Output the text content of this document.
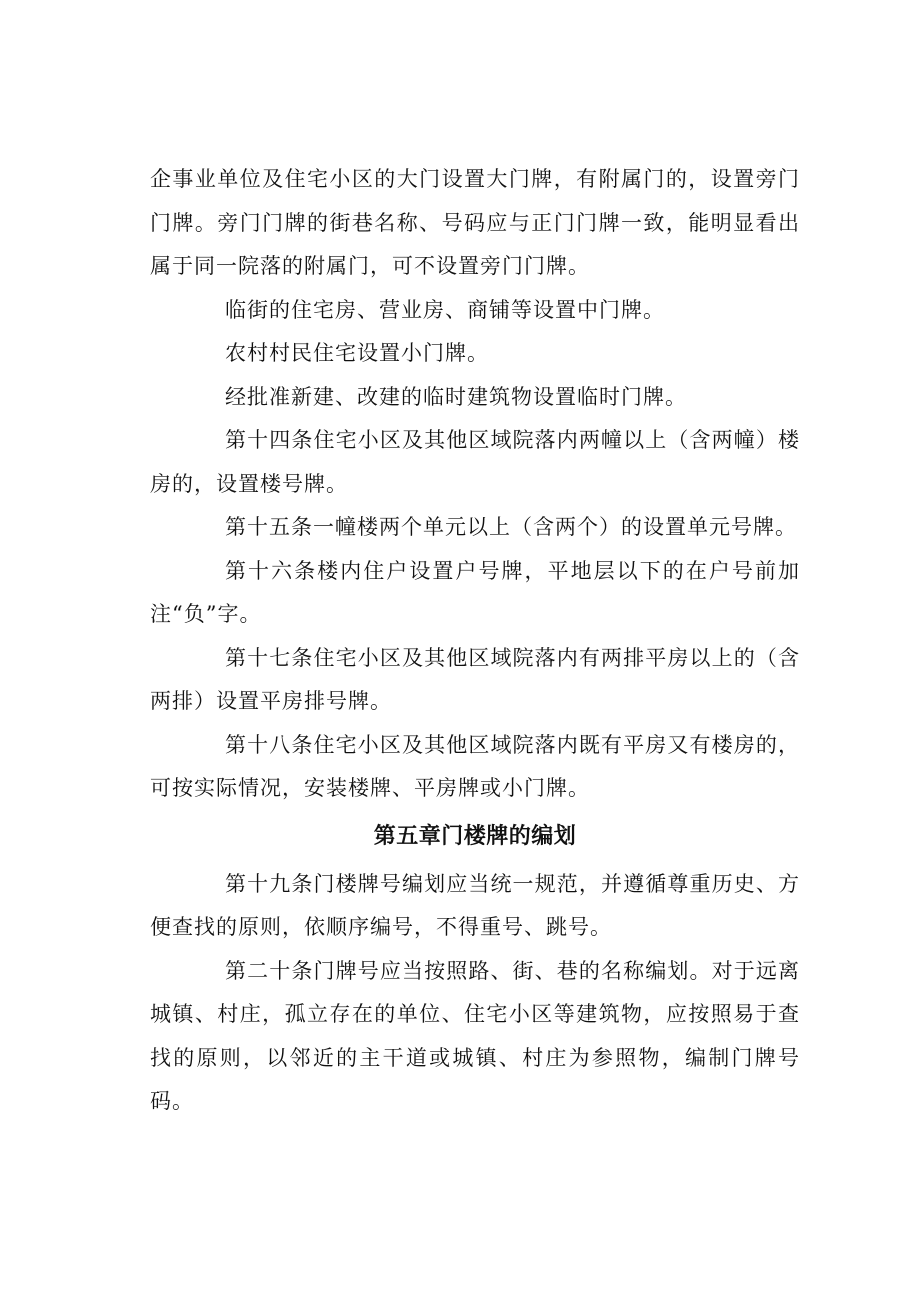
企事业单位及住宅小区的大门设置大门牌，有附属门的，设置旁门门牌。旁门门牌的街巷名称、号码应与正门门牌一致，能明显看出属于同一院落的附属门，可不设置旁门门牌。

临街的住宅房、营业房、商铺等设置中门牌。

农村村民住宅设置小门牌。

经批准新建、改建的临时建筑物设置临时门牌。

第十四条住宅小区及其他区域院落内两幢以上（含两幢）楼房的，设置楼号牌。

第十五条一幢楼两个单元以上（含两个）的设置单元号牌。

第十六条楼内住户设置户号牌，平地层以下的在户号前加注“负”字。

第十七条住宅小区及其他区域院落内有两排平房以上的（含两排）设置平房排号牌。

第十八条住宅小区及其他区域院落内既有平房又有楼房的，可按实际情况，安装楼牌、平房牌或小门牌。

第五章门楼牌的编划

第十九条门楼牌号编划应当统一规范，并遵循尊重历史、方便查找的原则，依顺序编号，不得重号、跳号。

第二十条门牌号应当按照路、街、巷的名称编划。对于远离城镇、村庄，孤立存在的单位、住宅小区等建筑物，应按照易于查找的原则，以邻近的主干道或城镇、村庄为参照物，编制门牌号码。
